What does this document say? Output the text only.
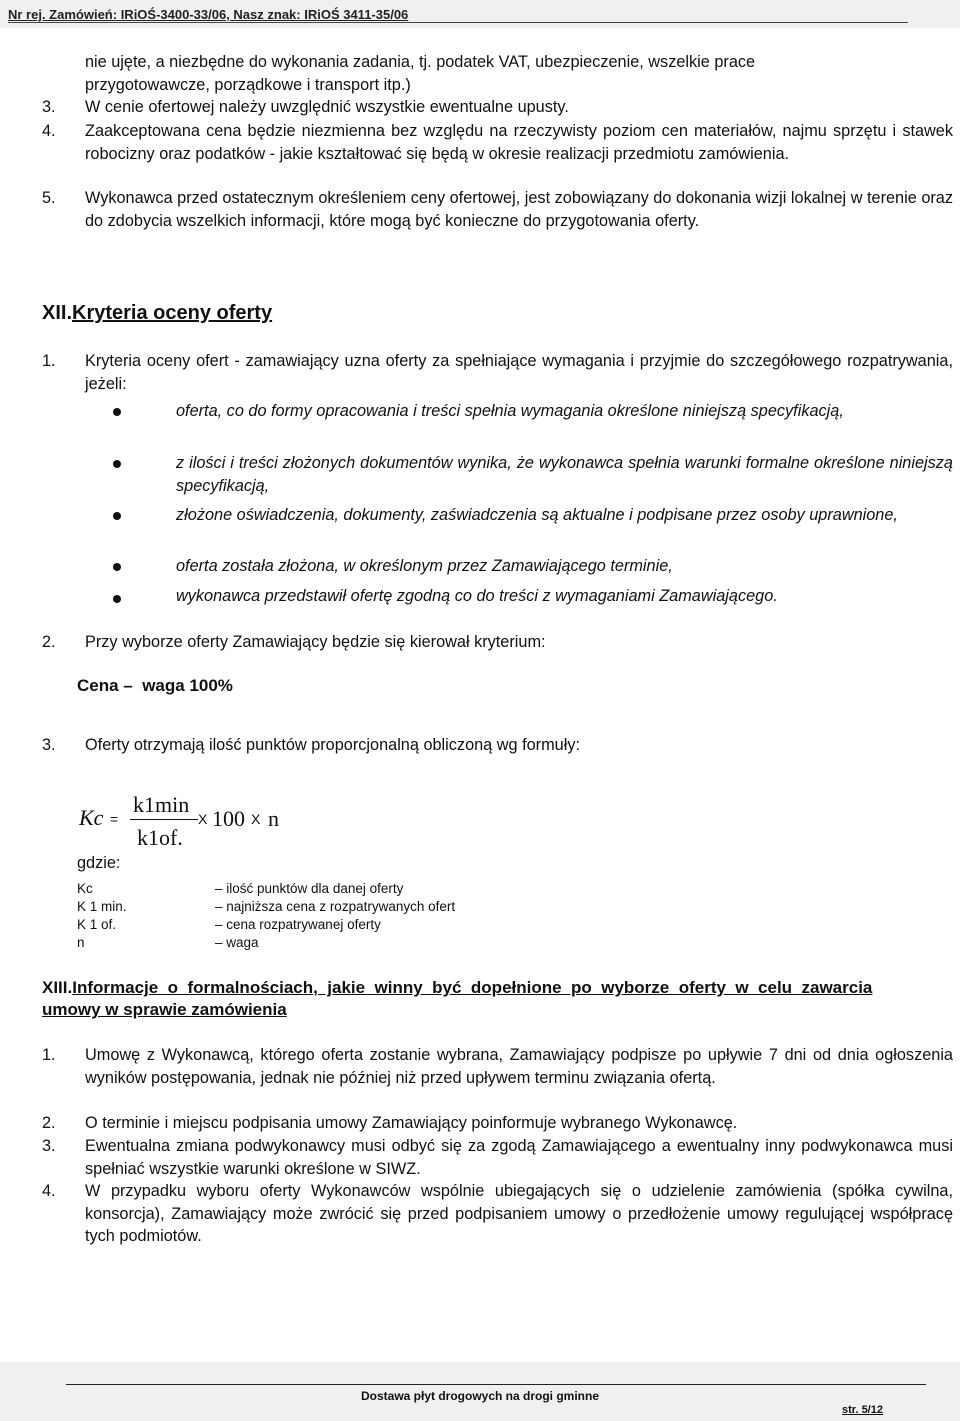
Nr rej. Zamówień: IRiOŚ-3400-33/06, Nasz znak: IRiOŚ 3411-35/06
nie ujęte, a niezbędne do wykonania zadania, tj. podatek VAT, ubezpieczenie, wszelkie prace
przygotowawcze, porządkowe i transport itp.)
3. W cenie ofertowej należy uwzględnić wszystkie ewentualne upusty.
4. Zaakceptowana cena będzie niezmienna bez względu na rzeczywisty poziom cen materiałów, najmu sprzętu i stawek robocizny oraz podatków - jakie kształtować się będą w okresie realizacji przedmiotu zamówienia.
5. Wykonawca przed ostatecznym określeniem ceny ofertowej, jest zobowiązany do dokonania wizji lokalnej w terenie oraz do zdobycia wszelkich informacji, które mogą być konieczne do przygotowania oferty.
XII.Kryteria oceny oferty
1. Kryteria oceny ofert - zamawiający uzna oferty za spełniające wymagania i przyjmie do szczegółowego rozpatrywania, jeżeli:
oferta, co do formy opracowania i treści spełnia wymagania określone niniejszą specyfikacją,
z ilości i treści złożonych dokumentów wynika, że wykonawca spełnia warunki formalne określone niniejszą specyfikacją,
złożone oświadczenia, dokumenty, zaświadczenia są aktualne i podpisane przez osoby uprawnione,
oferta została złożona, w określonym przez Zamawiającego terminie,
wykonawca przedstawił ofertę zgodną co do treści z wymaganiami Zamawiającego.
2. Przy wyborze oferty Zamawiający będzie się kierował kryterium:
Cena –  waga 100%
3. Oferty otrzymają ilość punktów proporcjonalną obliczoną wg formuły:
Kc =
k1min
k1of.
X 100 X n
gdzie:
Kc	– ilość punktów dla danej oferty
K 1 min.	– najniższa cena z rozpatrywanych ofert
K 1 of.	– cena rozpatrywanej oferty
n	– waga
XIII. Informacje  o  formalnościach,  jakie  winny  być  dopełnione  po  wyborze  oferty  w  celu  zawarcia
umowy w sprawie zamówienia
1. Umowę z Wykonawcą, którego oferta zostanie wybrana, Zamawiający podpisze po upływie 7 dni od dnia ogłoszenia wyników postępowania, jednak nie później niż przed upływem terminu związania ofertą.
2. O terminie i miejscu podpisania umowy Zamawiający poinformuje wybranego Wykonawcę.
3. Ewentualna zmiana podwykonawcy musi odbyć się za zgodą Zamawiającego a ewentualny inny podwykonawca musi spełniać wszystkie warunki określone w SIWZ.
4. W przypadku wyboru oferty Wykonawców wspólnie ubiegających się o udzielenie zamówienia (spółka cywilna, konsorcja), Zamawiający może zwrócić się przed podpisaniem umowy o przedłożenie umowy regulującej współpracę tych podmiotów.
Dostawa płyt drogowych na drogi gminne
str. 5/12
